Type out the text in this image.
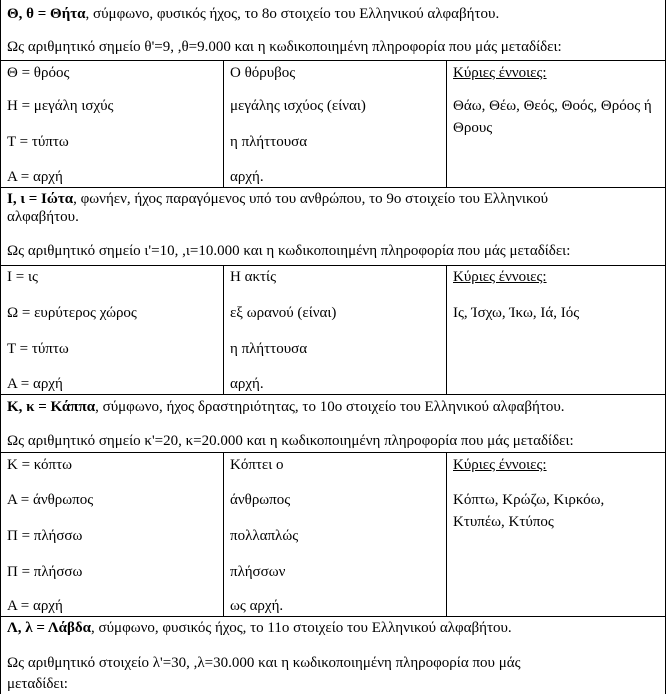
Θ, θ = Θήτα, σύμφωνο, φυσικός ήχος, το 8ο στοιχείο του Ελληνικού αλφαβήτου.
Ως αριθμητικό σημείο θ'=9, ,θ=9.000 και η κωδικοποιημένη πληροφορία που μάς μεταδίδει:
Θ = θρόος
Η = μεγάλη ισχύς
Τ = τύπτω
Α = αρχή
Ο θόρυβος
μεγάλης ισχύος (είναι)
η πλήττουσα
αρχή.
Κύριες έννοιες:
Θάω, Θέω, Θεός, Θοός, Θρόος ή Θρους
Ι, ι = Ιώτα, φωνήεν, ήχος παραγόμενος υπό του ανθρώπου, το 9ο στοιχείο του Ελληνικού
αλφαβήτου.
Ως αριθμητικό σημείο ι'=10, ,ι=10.000 και η κωδικοποιημένη πληροφορία που μάς μεταδίδει:
Ι = ις
Ω = ευρύτερος χώρος
Τ = τύπτω
Α = αρχή
Η ακτίς
εξ ωρανού (είναι)
η πλήττουσα
αρχή.
Κύριες έννοιες:
Ις, Ίσχω, Ίκω, Ιά, Ιός
Κ, κ = Κάππα, σύμφωνο, ήχος δραστηριότητας, το 10ο στοιχείο του Ελληνικού αλφαβήτου.
Ως αριθμητικό σημείο κ'=20, κ=20.000 και η κωδικοποιημένη πληροφορία που μάς μεταδίδει:
Κ = κόπτω
Α = άνθρωπος
Π = πλήσσω
Π = πλήσσω
Α = αρχή
Κόπτει ο
άνθρωπος
πολλαπλώς
πλήσσων
ως αρχή.
Κύριες έννοιες:
Κόπτω, Κρώζω, Κιρκόω, Κτυπέω, Κτύπος
Λ, λ = Λάβδα, σύμφωνο, φυσικός ήχος, το 11ο στοιχείο του Ελληνικού αλφαβήτου.
Ως αριθμητικό στοιχείο λ'=30, ,λ=30.000 και η κωδικοποιημένη πληροφορία που μάς
μεταδίδει:
